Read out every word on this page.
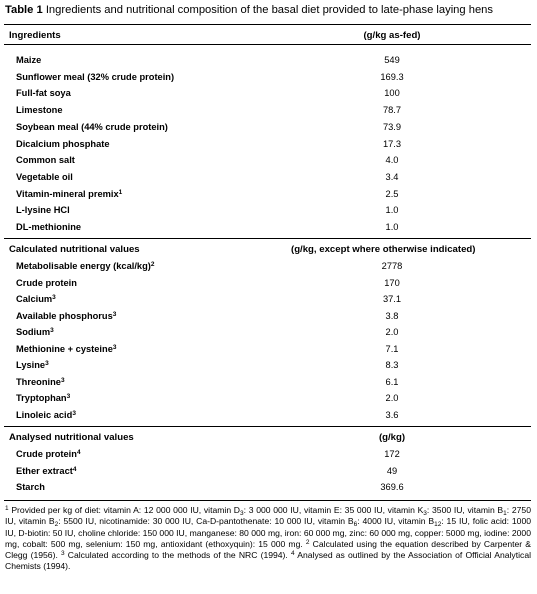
Table 1 Ingredients and nutritional composition of the basal diet provided to late-phase laying hens
Ingredients	(g/kg as-fed)
Maize	549
Sunflower meal (32% crude protein)	169.3
Full-fat soya	100
Limestone	78.7
Soybean meal (44% crude protein)	73.9
Dicalcium phosphate	17.3
Common salt	4.0
Vegetable oil	3.4
Vitamin-mineral premix$^1$	2.5
L-lysine HCl	1.0
DL-methionine	1.0
Calculated nutritional values	(g/kg, except where otherwise indicated)
Metabolisable energy (kcal/kg)$^2$	2778
Crude protein	170
Calcium$^3$	37.1
Available phosphorus$^3$	3.8
Sodium$^3$	2.0
Methionine + cysteine$^3$	7.1
Lysine$^3$	8.3
Threonine$^3$	6.1
Tryptophan$^3$	2.0
Linoleic acid$^3$	3.6
Analysed nutritional values	(g/kg)
Crude protein$^4$	172
Ether extract$^4$	49
Starch	369.6
$^1$ Provided per kg of diet: vitamin A: 12 000 000 IU, vitamin $D_3$: 3 000 000 IU, vitamin E: 35 000 IU, vitamin $K_3$: 3500 IU, vitamin $B_1$: 2750 IU, vitamin $B_2$: 5500 IU, nicotinamide: 30 000 IU, Ca-D-pantothenate: 10 000 IU, vitamin $B_6$: 4000 IU, vitamin $B_{12}$: 15 IU, folic acid: 1000 IU, D-biotin: 50 IU, choline chloride: 150 000 IU, manganese: 80 000 mg, iron: 60 000 mg, zinc: 60 000 mg, copper: 5000 mg, iodine: 2000 mg, cobalt: 500 mg, selenium: 150 mg, antioxidant (ethoxyquin): 15 000 mg. $^2$ Calculated using the equation described by Carpenter & Clegg (1956). $^3$ Calculated according to the methods of the NRC (1994). $^4$ Analysed as outlined by the Association of Official Analytical Chemists (1994).
